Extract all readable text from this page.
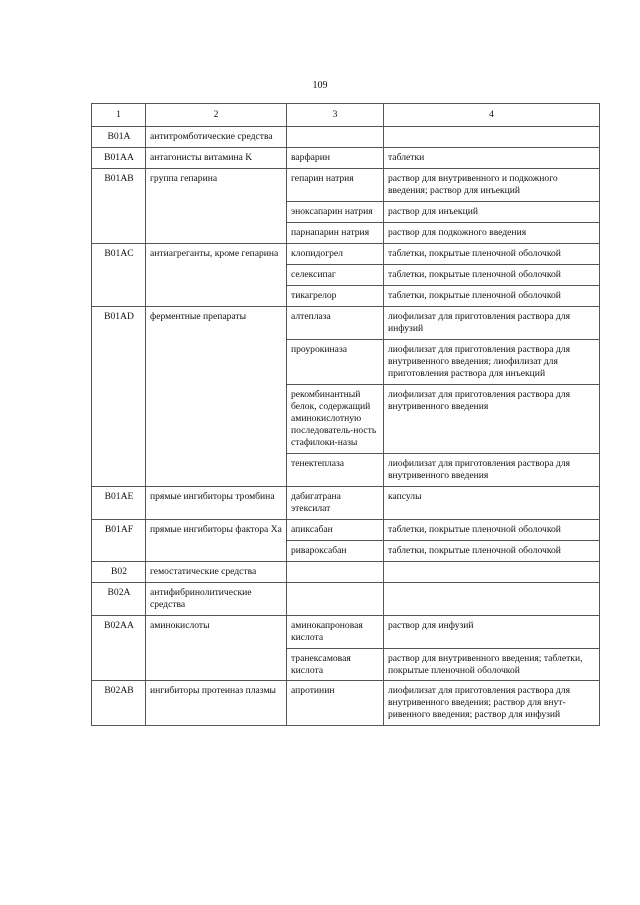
109
1	2	3	4
B01A	антитромботические средства		
B01AA	антагонисты витамина K	варфарин	таблетки
B01AB	группа гепарина	гепарин натрия	раствор для внутривенного и подкожного введения; раствор для инъекций
		эноксапарин натрия	раствор для инъекций
		парнапарин натрия	раствор для подкожного введения
B01AC	антиагреганты, кроме гепарина	клопидогрел	таблетки, покрытые пленочной оболочкой
		селексипаг	таблетки, покрытые пленочной оболочкой
		тикагрелор	таблетки, покрытые пленочной оболочкой
B01AD	ферментные препараты	алтеплаза	лиофилизат для приготовления раствора для инфузий
		проурокиназа	лиофилизат для приготовления раствора для внутривенного введения; лиофилизат для приготовления раствора для инъекций
		рекомбинантный белок, содержащий аминокислотную последователь-ность стафилоки-назы	лиофилизат для приготовления раствора для внутривенного введения
		тенектеплаза	лиофилизат для приготовления раствора для внутривенного введения
B01AE	прямые ингибиторы тромбина	дабигатрана этексилат	капсулы
B01AF	прямые ингибиторы фактора Xa	апиксабан	таблетки, покрытые пленочной оболочкой
		ривароксабан	таблетки, покрытые пленочной оболочкой
B02	гемостатические средства		
B02A	антифибринолитические средства		
B02AA	аминокислоты	аминокапроновая кислота	раствор для инфузий
		транексамовая кислота	раствор для внутривенного введения; таблетки, покрытые пленочной оболочкой
B02AB	ингибиторы протеиназ плазмы	апротинин	лиофилизат для приготовления раствора для внутривенного введения; раствор для внут-ривенного введения; раствор для инфузий
